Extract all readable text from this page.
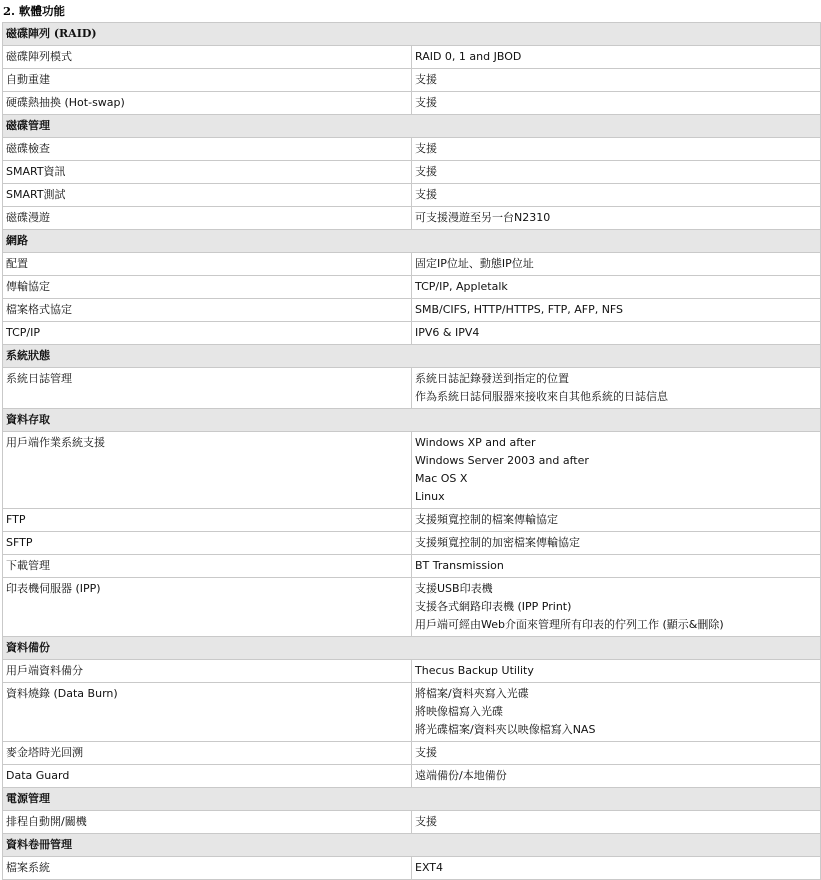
2. 軟體功能
磁碟陣列 (RAID)	
磁碟陣列模式	RAID 0, 1 and JBOD

自動重建	支援

硬碟熱抽換 (Hot-swap)	支援

磁碟管理	
磁碟檢查	支援

SMART資訊	支援

SMART測試	支援

磁碟漫遊	可支援漫遊至另一台N2310

網路	
配置	固定IP位址、動態IP位址

傳輸協定	TCP/IP, Appletalk

檔案格式協定	SMB/CIFS, HTTP/HTTPS, FTP, AFP, NFS

TCP/IP	IPV6 & IPV4

系統狀態	
系統日誌管理	系統日誌記錄發送到指定的位置
作為系統日誌伺服器來接收來自其他系統的日誌信息

資料存取	
用戶端作業系統支援	Windows XP and after
Windows Server 2003 and after
Mac OS X
Linux

FTP	支援頻寬控制的檔案傳輸協定

SFTP	支援頻寬控制的加密檔案傳輸協定

下載管理	BT Transmission

印表機伺服器 (IPP)	支援USB印表機
支援各式網路印表機 (IPP Print)
用戶端可經由Web介面來管理所有印表的佇列工作 (顯示&刪除)

資料備份	
用戶端資料備分	Thecus Backup Utility

資料燒錄 (Data Burn)	將檔案/資料夾寫入光碟
將映像檔寫入光碟
將光碟檔案/資料夾以映像檔寫入NAS

麥金塔時光回溯	支援

Data Guard	遠端備份/本地備份

電源管理	
排程自動開/關機	支援

資料卷冊管理	
檔案系統	EXT4
